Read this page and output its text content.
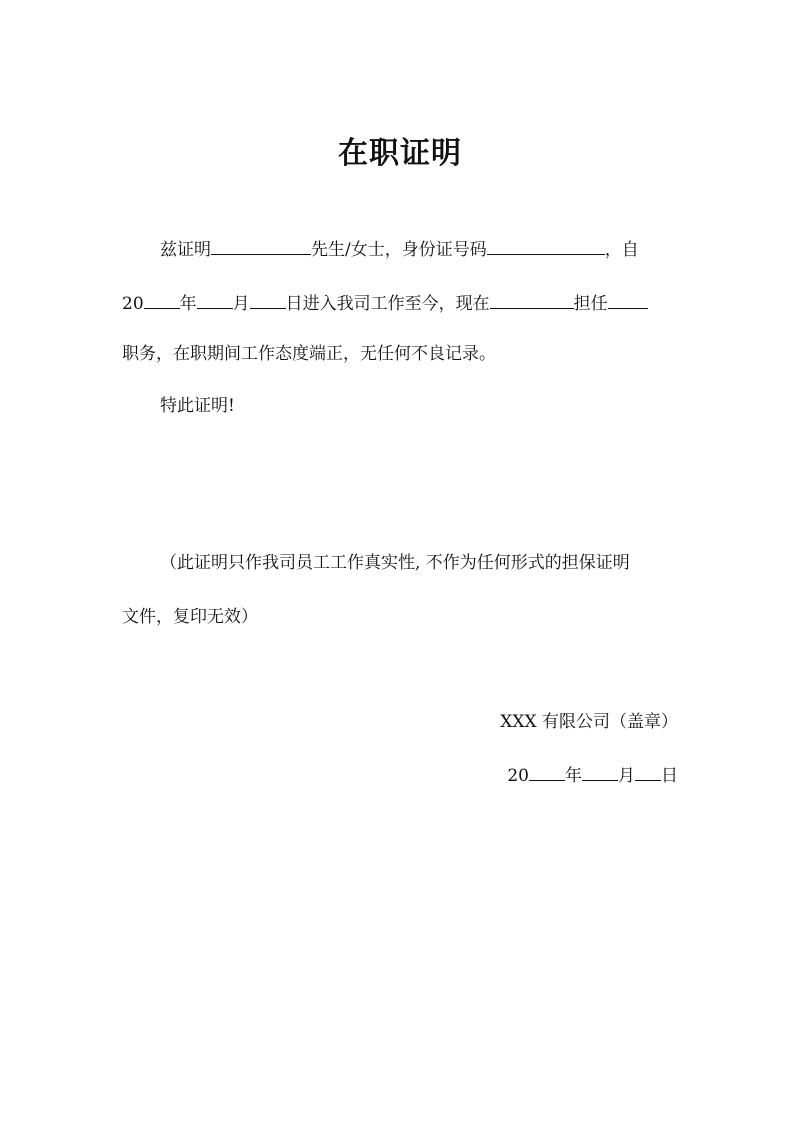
在职证明
兹证明	先生/女士，身份证号码	，自
20 年 月 日进入我司工作至今，现在	担任
职务，在职期间工作态度端正，无任何不良记录。
特此证明!
（此证明只作我司员工工作真实性, 不作为任何形式的担保证明
文件，复印无效）
XXX 有限公司（盖章）
20 年 月 日
